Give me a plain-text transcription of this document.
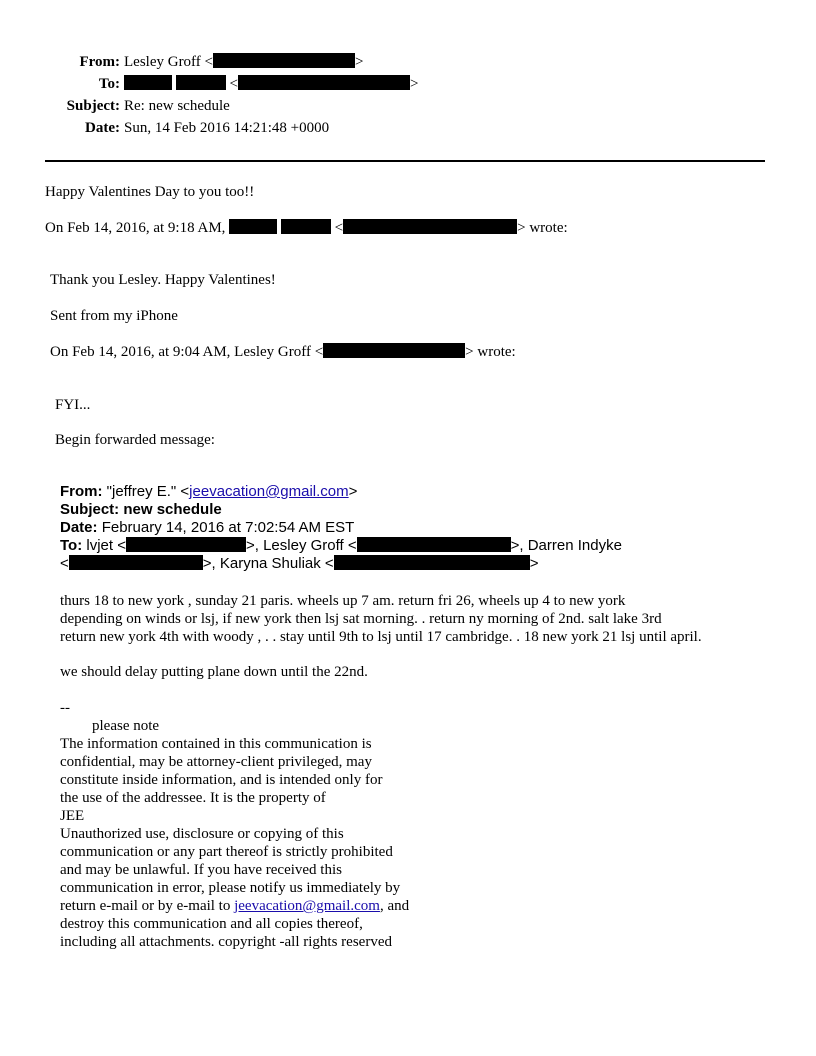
From: Lesley Groff <	>
To:	<	>
Subject: Re: new schedule
Date: Sun, 14 Feb 2016 14:21:48 +0000
Happy Valentines Day to you too!!
On Feb 14, 2016, at 9:18 AM,	<	> wrote:
Thank you Lesley. Happy Valentines!
Sent from my iPhone
On Feb 14, 2016, at 9:04 AM, Lesley Groff <	> wrote:
FYI...
Begin forwarded message:
From: "jeffrey E." <jeevacation@gmail.com>
Subject: new schedule
Date: February 14, 2016 at 7:02:54 AM EST
To: lvjet <	>, Lesley Groff <	>, Darren Indyke
<	>, Karyna Shuliak <	>
thurs 18 to new york , sunday 21 paris. wheels up 7 am. return fri 26, wheels up 4 to new york
depending on winds or lsj, if new york then lsj sat morning. . return ny morning of 2nd. salt lake 3rd
return new york 4th with woody , . . stay until 9th to lsj until 17 cambridge. . 18 new york 21 lsj until april.
we should delay putting plane down until the 22nd.
--
please note
The information contained in this communication is
confidential, may be attorney-client privileged, may
constitute inside information, and is intended only for
the use of the addressee. It is the property of
JEE
Unauthorized use, disclosure or copying of this
communication or any part thereof is strictly prohibited
and may be unlawful. If you have received this
communication in error, please notify us immediately by
return e-mail or by e-mail to jeevacation@gmail.com, and
destroy this communication and all copies thereof,
including all attachments. copyright -all rights reserved
